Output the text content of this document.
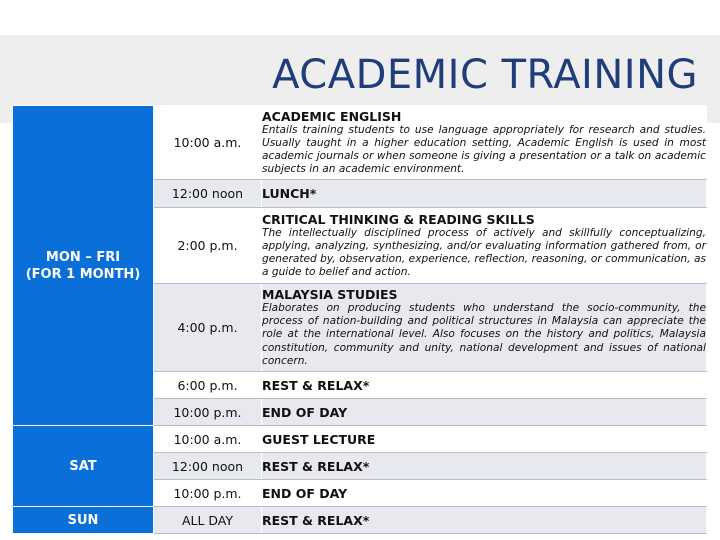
ACADEMIC TRAINING
MON – FRI
(FOR 1 MONTH)	10:00 a.m.	ACADEMIC ENGLISH
Entails training students to use language appropriately for research and studies. Usually taught in a higher education setting, Academic English is used in most academic journals or when someone is giving a presentation or a talk on academic subjects in an academic environment.

	12:00 noon	LUNCH*

	2:00 p.m.	CRITICAL THINKING & READING SKILLS
The intellectually disciplined process of actively and skillfully conceptualizing, applying, analyzing, synthesizing, and/or evaluating information gathered from, or generated by, observation, experience, reflection, reasoning, or communication, as a guide to belief and action.

	4:00 p.m.	MALAYSIA STUDIES
Elaborates on producing students who understand the socio-community, the process of nation-building and political structures in Malaysia can appreciate the role at the international level. Also focuses on the history and politics, Malaysia constitution, community and unity, national development and issues of national concern.

	6:00 p.m.	REST & RELAX*

	10:00 p.m.	END OF DAY

SAT	10:00 a.m.	GUEST LECTURE

	12:00 noon	REST & RELAX*

	10:00 p.m.	END OF DAY

SUN	ALL DAY	REST & RELAX*
